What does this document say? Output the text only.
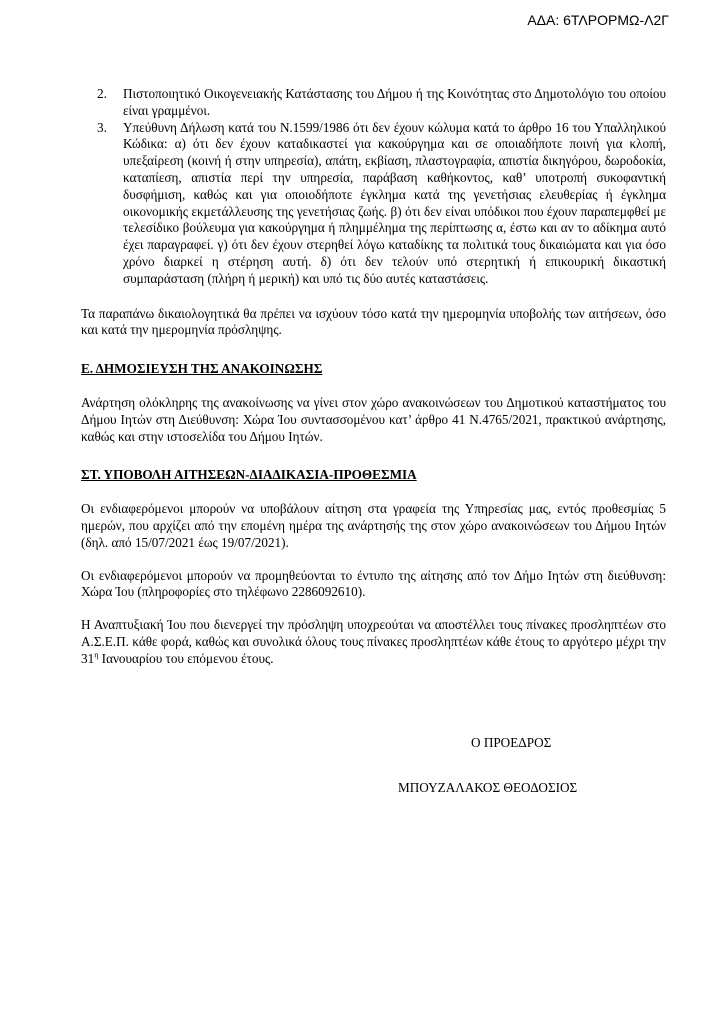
ΑΔΑ: 6ΤΛΡΟΡΜΩ-Λ2Γ
2. Πιστοποιητικό Οικογενειακής Κατάστασης του Δήμου ή της Κοινότητας στο Δημοτολόγιο του οποίου είναι γραμμένοι.
3. Υπεύθυνη Δήλωση κατά του Ν.1599/1986 ότι δεν έχουν κώλυμα κατά το άρθρο 16 του Υπαλληλικού Κώδικα: α) ότι δεν έχουν καταδικαστεί για κακούργημα και σε οποιαδήποτε ποινή για κλοπή, υπεξαίρεση (κοινή ή στην υπηρεσία), απάτη, εκβίαση, πλαστογραφία, απιστία δικηγόρου, δωροδοκία, καταπίεση, απιστία περί την υπηρεσία, παράβαση καθήκοντος, καθ’ υποτροπή συκοφαντική δυσφήμιση, καθώς και για οποιοδήποτε έγκλημα κατά της γενετήσιας ελευθερίας ή έγκλημα οικονομικής εκμετάλλευσης της γενετήσιας ζωής. β) ότι δεν είναι υπόδικοι που έχουν παραπεμφθεί με τελεσίδικο βούλευμα για κακούργημα ή πλημμέλημα της περίπτωσης α, έστω και αν το αδίκημα αυτό έχει παραγραφεί. γ) ότι δεν έχουν στερηθεί λόγω καταδίκης τα πολιτικά τους δικαιώματα και για όσο χρόνο διαρκεί η στέρηση αυτή. δ) ότι δεν τελούν υπό στερητική ή επικουρική δικαστική συμπαράσταση (πλήρη ή μερική) και υπό τις δύο αυτές καταστάσεις.

Τα παραπάνω δικαιολογητικά θα πρέπει να ισχύουν τόσο κατά την ημερομηνία υποβολής των αιτήσεων, όσο και κατά την ημερομηνία πρόσληψης.

Ε. ΔΗΜΟΣΙΕΥΣΗ ΤΗΣ ΑΝΑΚΟΙΝΩΣΗΣ

Ανάρτηση ολόκληρης της ανακοίνωσης να γίνει στον χώρο ανακοινώσεων του Δημοτικού καταστήματος του Δήμου Ιητών στη Διεύθυνση: Χώρα Ίου συντασσομένου κατ’ άρθρο 41 Ν.4765/2021, πρακτικού ανάρτησης, καθώς και στην ιστοσελίδα του Δήμου Ιητών.

ΣΤ. ΥΠΟΒΟΛΗ ΑΙΤΗΣΕΩΝ-ΔΙΑΔΙΚΑΣΙΑ-ΠΡΟΘΕΣΜΙΑ

Οι ενδιαφερόμενοι μπορούν να υποβάλουν αίτηση στα γραφεία της Υπηρεσίας μας, εντός προθεσμίας 5 ημερών, που αρχίζει από την επομένη ημέρα της ανάρτησής της στον χώρο ανακοινώσεων του Δήμου Ιητών (δηλ. από 15/07/2021 έως 19/07/2021).

Οι ενδιαφερόμενοι μπορούν να προμηθεύονται το έντυπο της αίτησης από τον Δήμο Ιητών στη διεύθυνση: Χώρα Ίου (πληροφορίες στο τηλέφωνο 2286092610).

Η Αναπτυξιακή Ίου που διενεργεί την πρόσληψη υποχρεούται να αποστέλλει τους πίνακες προσληπτέων στο Α.Σ.Ε.Π. κάθε φορά, καθώς και συνολικά όλους τους πίνακες προσληπτέων κάθε έτους το αργότερο μέχρι την $31^\eta$ Ιανουαρίου του επόμενου έτους.

Ο ΠΡΟΕΔΡΟΣ
ΜΠΟΥΖΑΛΑΚΟΣ ΘΕΟΔΟΣΙΟΣ
